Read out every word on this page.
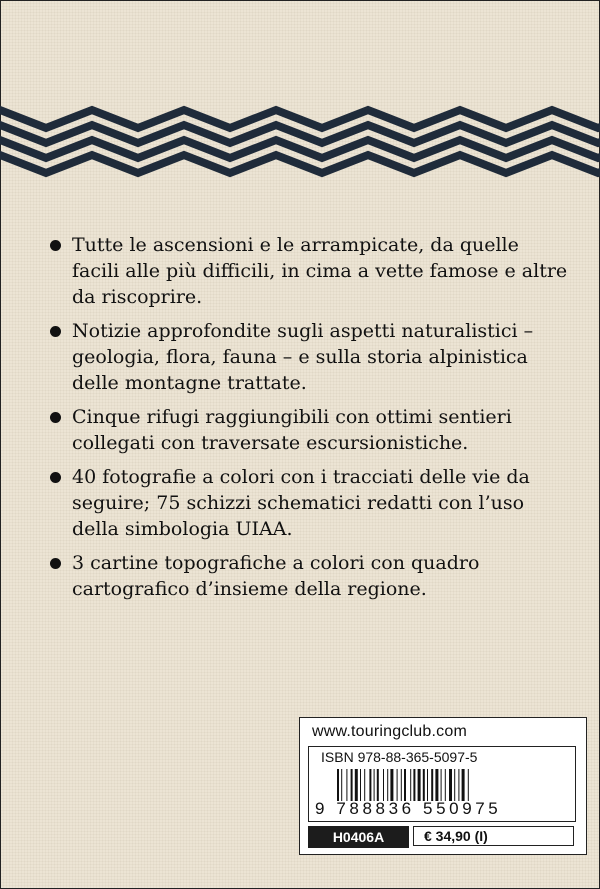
Tutte le ascensioni e le arrampicate, da quelle facili alle più difficili, in cima a vette famose e altre da riscoprire.
Notizie approfondite sugli aspetti naturalistici – geologia, flora, fauna – e sulla storia alpinistica delle montagne trattate.
Cinque rifugi raggiungibili con ottimi sentieri collegati con traversate escursionistiche.
40 fotografie a colori con i tracciati delle vie da seguire; 75 schizzi schematici redatti con l’uso della simbologia UIAA.
3 cartine topografiche a colori con quadro cartografico d’insieme della regione.
www.touringclub.com
ISBN 978-88-365-5097-5
9 788836 550975
H0406A	€ 34,90 (I)
